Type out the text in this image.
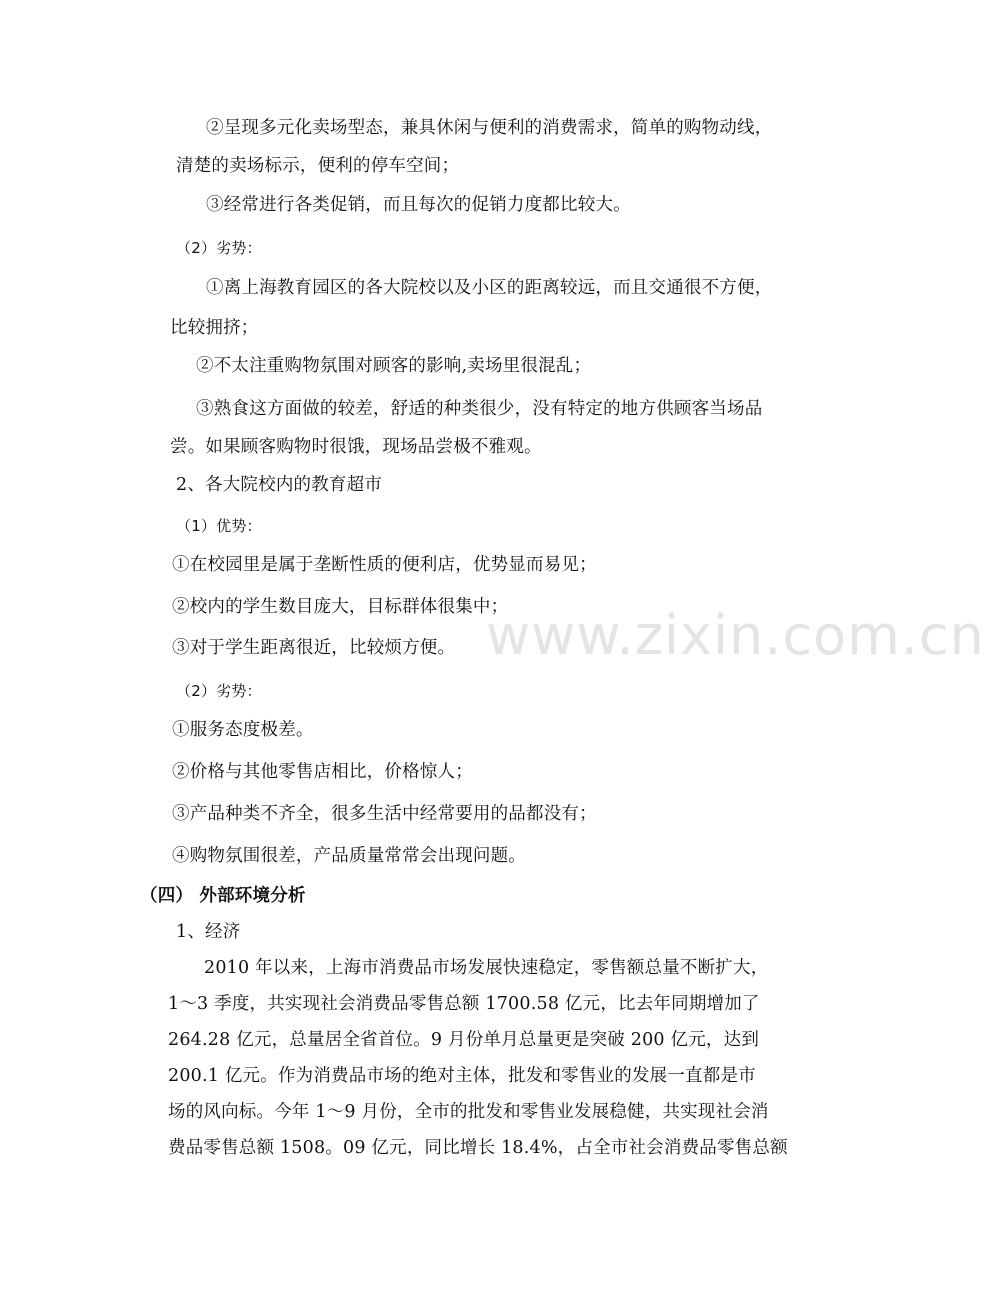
www.zixin.com.cn
②呈现多元化卖场型态，兼具休闲与便利的消费需求，简单的购物动线，
清楚的卖场标示，便利的停车空间；
③经常进行各类促销，而且每次的促销力度都比较大。
（2）劣势：
①离上海教育园区的各大院校以及小区的距离较远，而且交通很不方便，
比较拥挤；
②不太注重购物氛围对顾客的影响,卖场里很混乱；
③熟食这方面做的较差，舒适的种类很少，没有特定的地方供顾客当场品
尝。如果顾客购物时很饿，现场品尝极不雅观。
2、各大院校内的教育超市
（1）优势：
①在校园里是属于垄断性质的便利店，优势显而易见；
②校内的学生数目庞大，目标群体很集中；
③对于学生距离很近，比较烦方便。
（2）劣势：
①服务态度极差。
②价格与其他零售店相比，价格惊人；
③产品种类不齐全，很多生活中经常要用的品都没有；
④购物氛围很差，产品质量常常会出现问题。
（四） 外部环境分析
1、经济
2010 年以来，上海市消费品市场发展快速稳定，零售额总量不断扩大，
1～3 季度，共实现社会消费品零售总额 1700.58 亿元，比去年同期增加了
264.28 亿元，总量居全省首位。9 月份单月总量更是突破 200 亿元，达到
200.1 亿元。作为消费品市场的绝对主体，批发和零售业的发展一直都是市
场的风向标。今年 1～9 月份，全市的批发和零售业发展稳健，共实现社会消
费品零售总额 1508。09 亿元，同比增长 18.4%，占全市社会消费品零售总额
